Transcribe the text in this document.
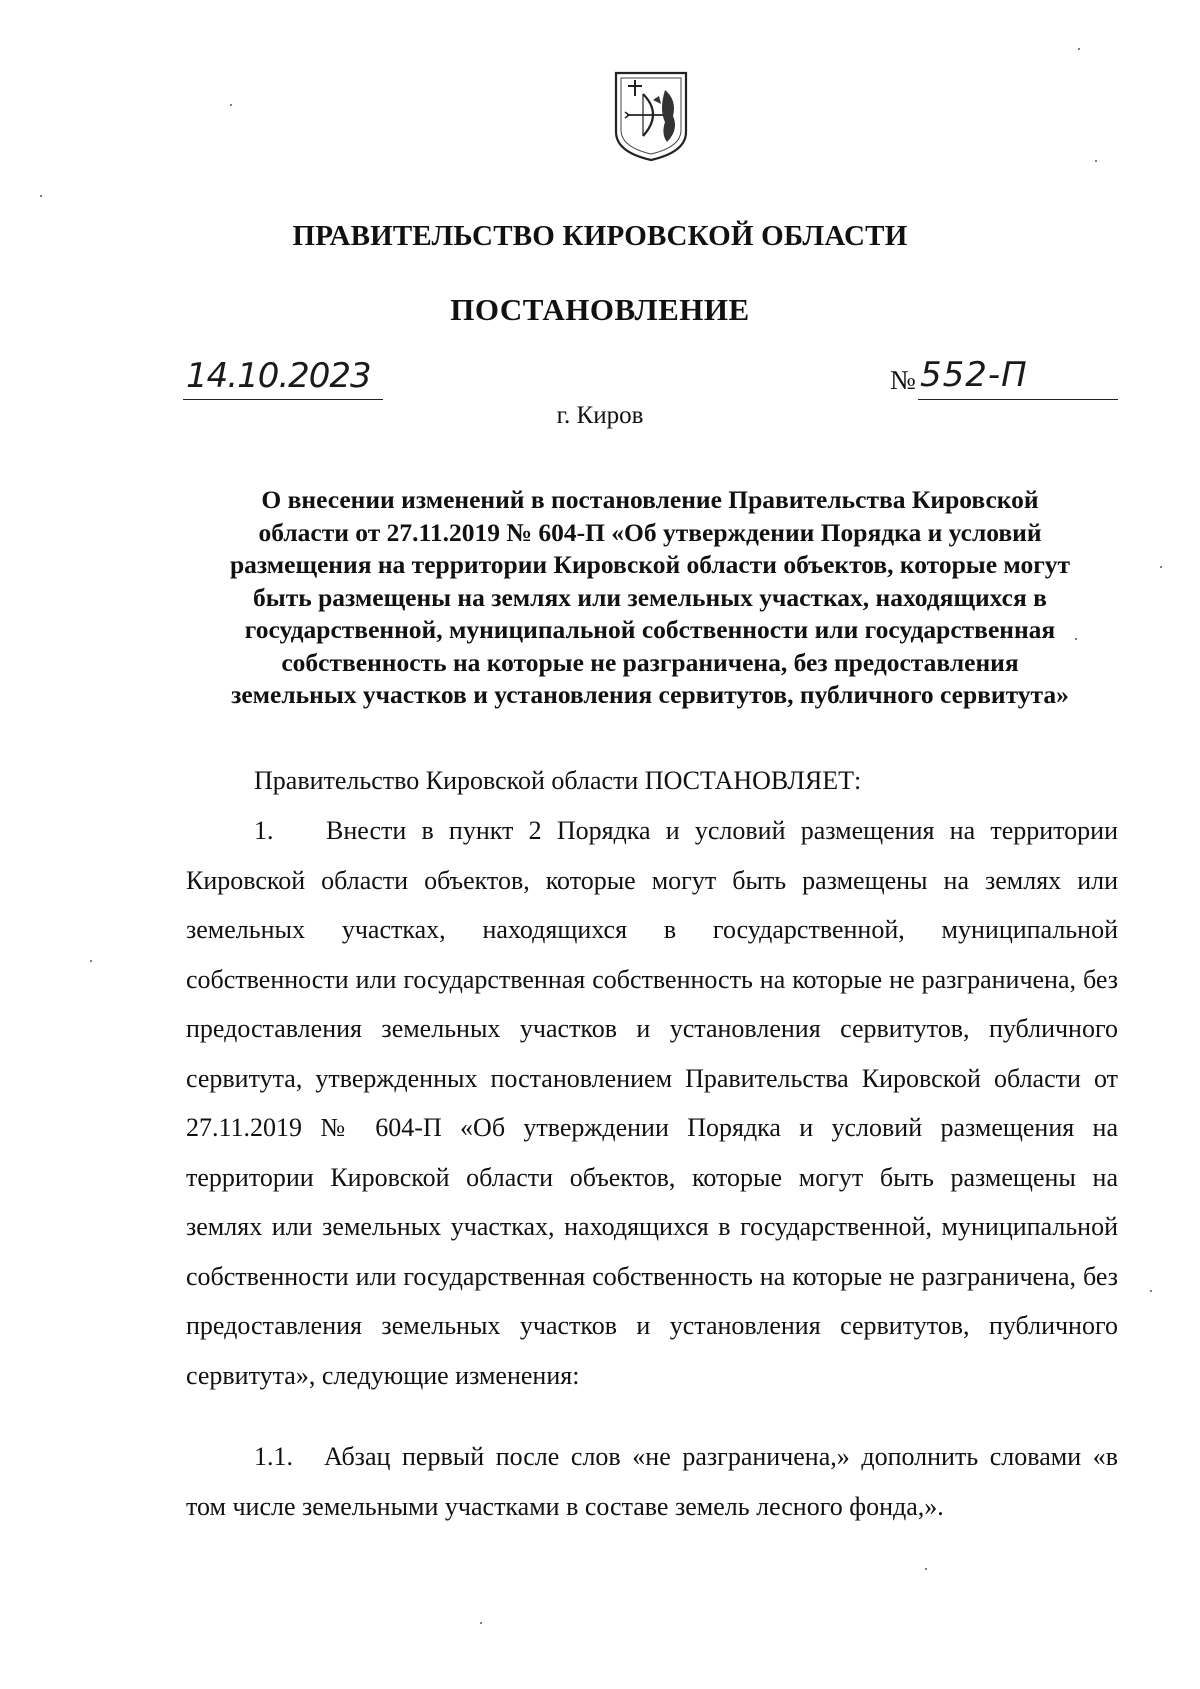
ПРАВИТЕЛЬСТВО КИРОВСКОЙ ОБЛАСТИ
ПОСТАНОВЛЕНИЕ
14.10.2023	№ 552-П
г. Киров
О внесении изменений в постановление Правительства Кировской
области от 27.11.2019 № 604-П «Об утверждении Порядка и условий
размещения на территории Кировской области объектов, которые могут
быть размещены на землях или земельных участках, находящихся в
государственной, муниципальной собственности или государственная
собственность на которые не разграничена, без предоставления
земельных участков и установления сервитутов, публичного сервитута»
Правительство Кировской области ПОСТАНОВЛЯЕТ:
1. Внести в пункт 2 Порядка и условий размещения на территории Кировской области объектов, которые могут быть размещены на землях или земельных участках, находящихся в государственной, муниципальной собственности или государственная собственность на которые не разграничена, без предоставления земельных участков и установления сервитутов, публичного сервитута, утвержденных постановлением Правительства Кировской области от 27.11.2019 № 604-П «Об утверждении Порядка и условий размещения на территории Кировской области объектов, которые могут быть размещены на землях или земельных участках, находящихся в государственной, муниципальной собственности или государственная собственность на которые не разграничена, без предоставления земельных участков и установления сервитутов, публичного сервитута», следующие изменения:
1.1. Абзац первый после слов «не разграничена,» дополнить словами «в том числе земельными участками в составе земель лесного фонда,».
